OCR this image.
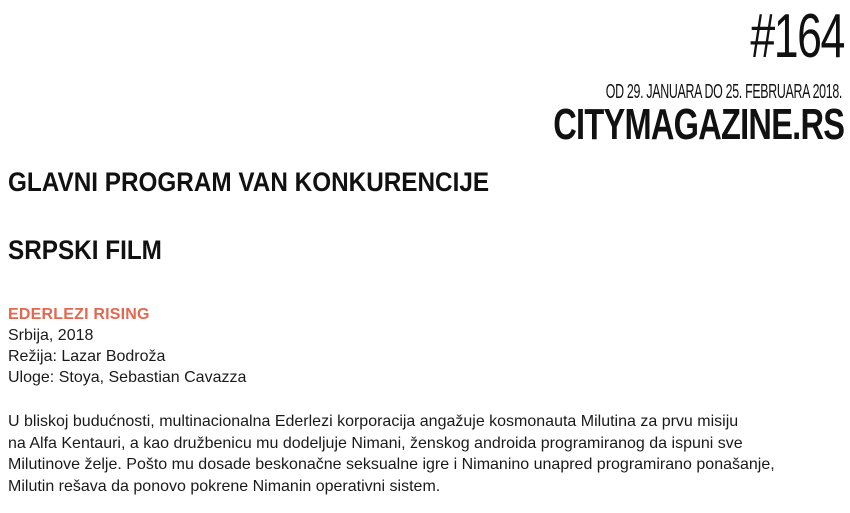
#164
OD 29. JANUARA DO 25. FEBRUARA 2018.
CITYMAGAZINE.RS
GLAVNI PROGRAM VAN KONKURENCIJE
SRPSKI FILM
EDERLEZI RISING
Srbija, 2018
Režija: Lazar Bodroža
Uloge: Stoya, Sebastian Cavazza
U bliskoj budućnosti, multinacionalna Ederlezi korporacija angažuje kosmonauta Milutina za prvu misiju
na Alfa Kentauri, a kao družbenicu mu dodeljuje Nimani, ženskog androida programiranog da ispuni sve
Milutinove želje. Pošto mu dosade beskonačne seksualne igre i Nimanino unapred programirano ponašanje,
Milutin rešava da ponovo pokrene Nimanin operativni sistem.
